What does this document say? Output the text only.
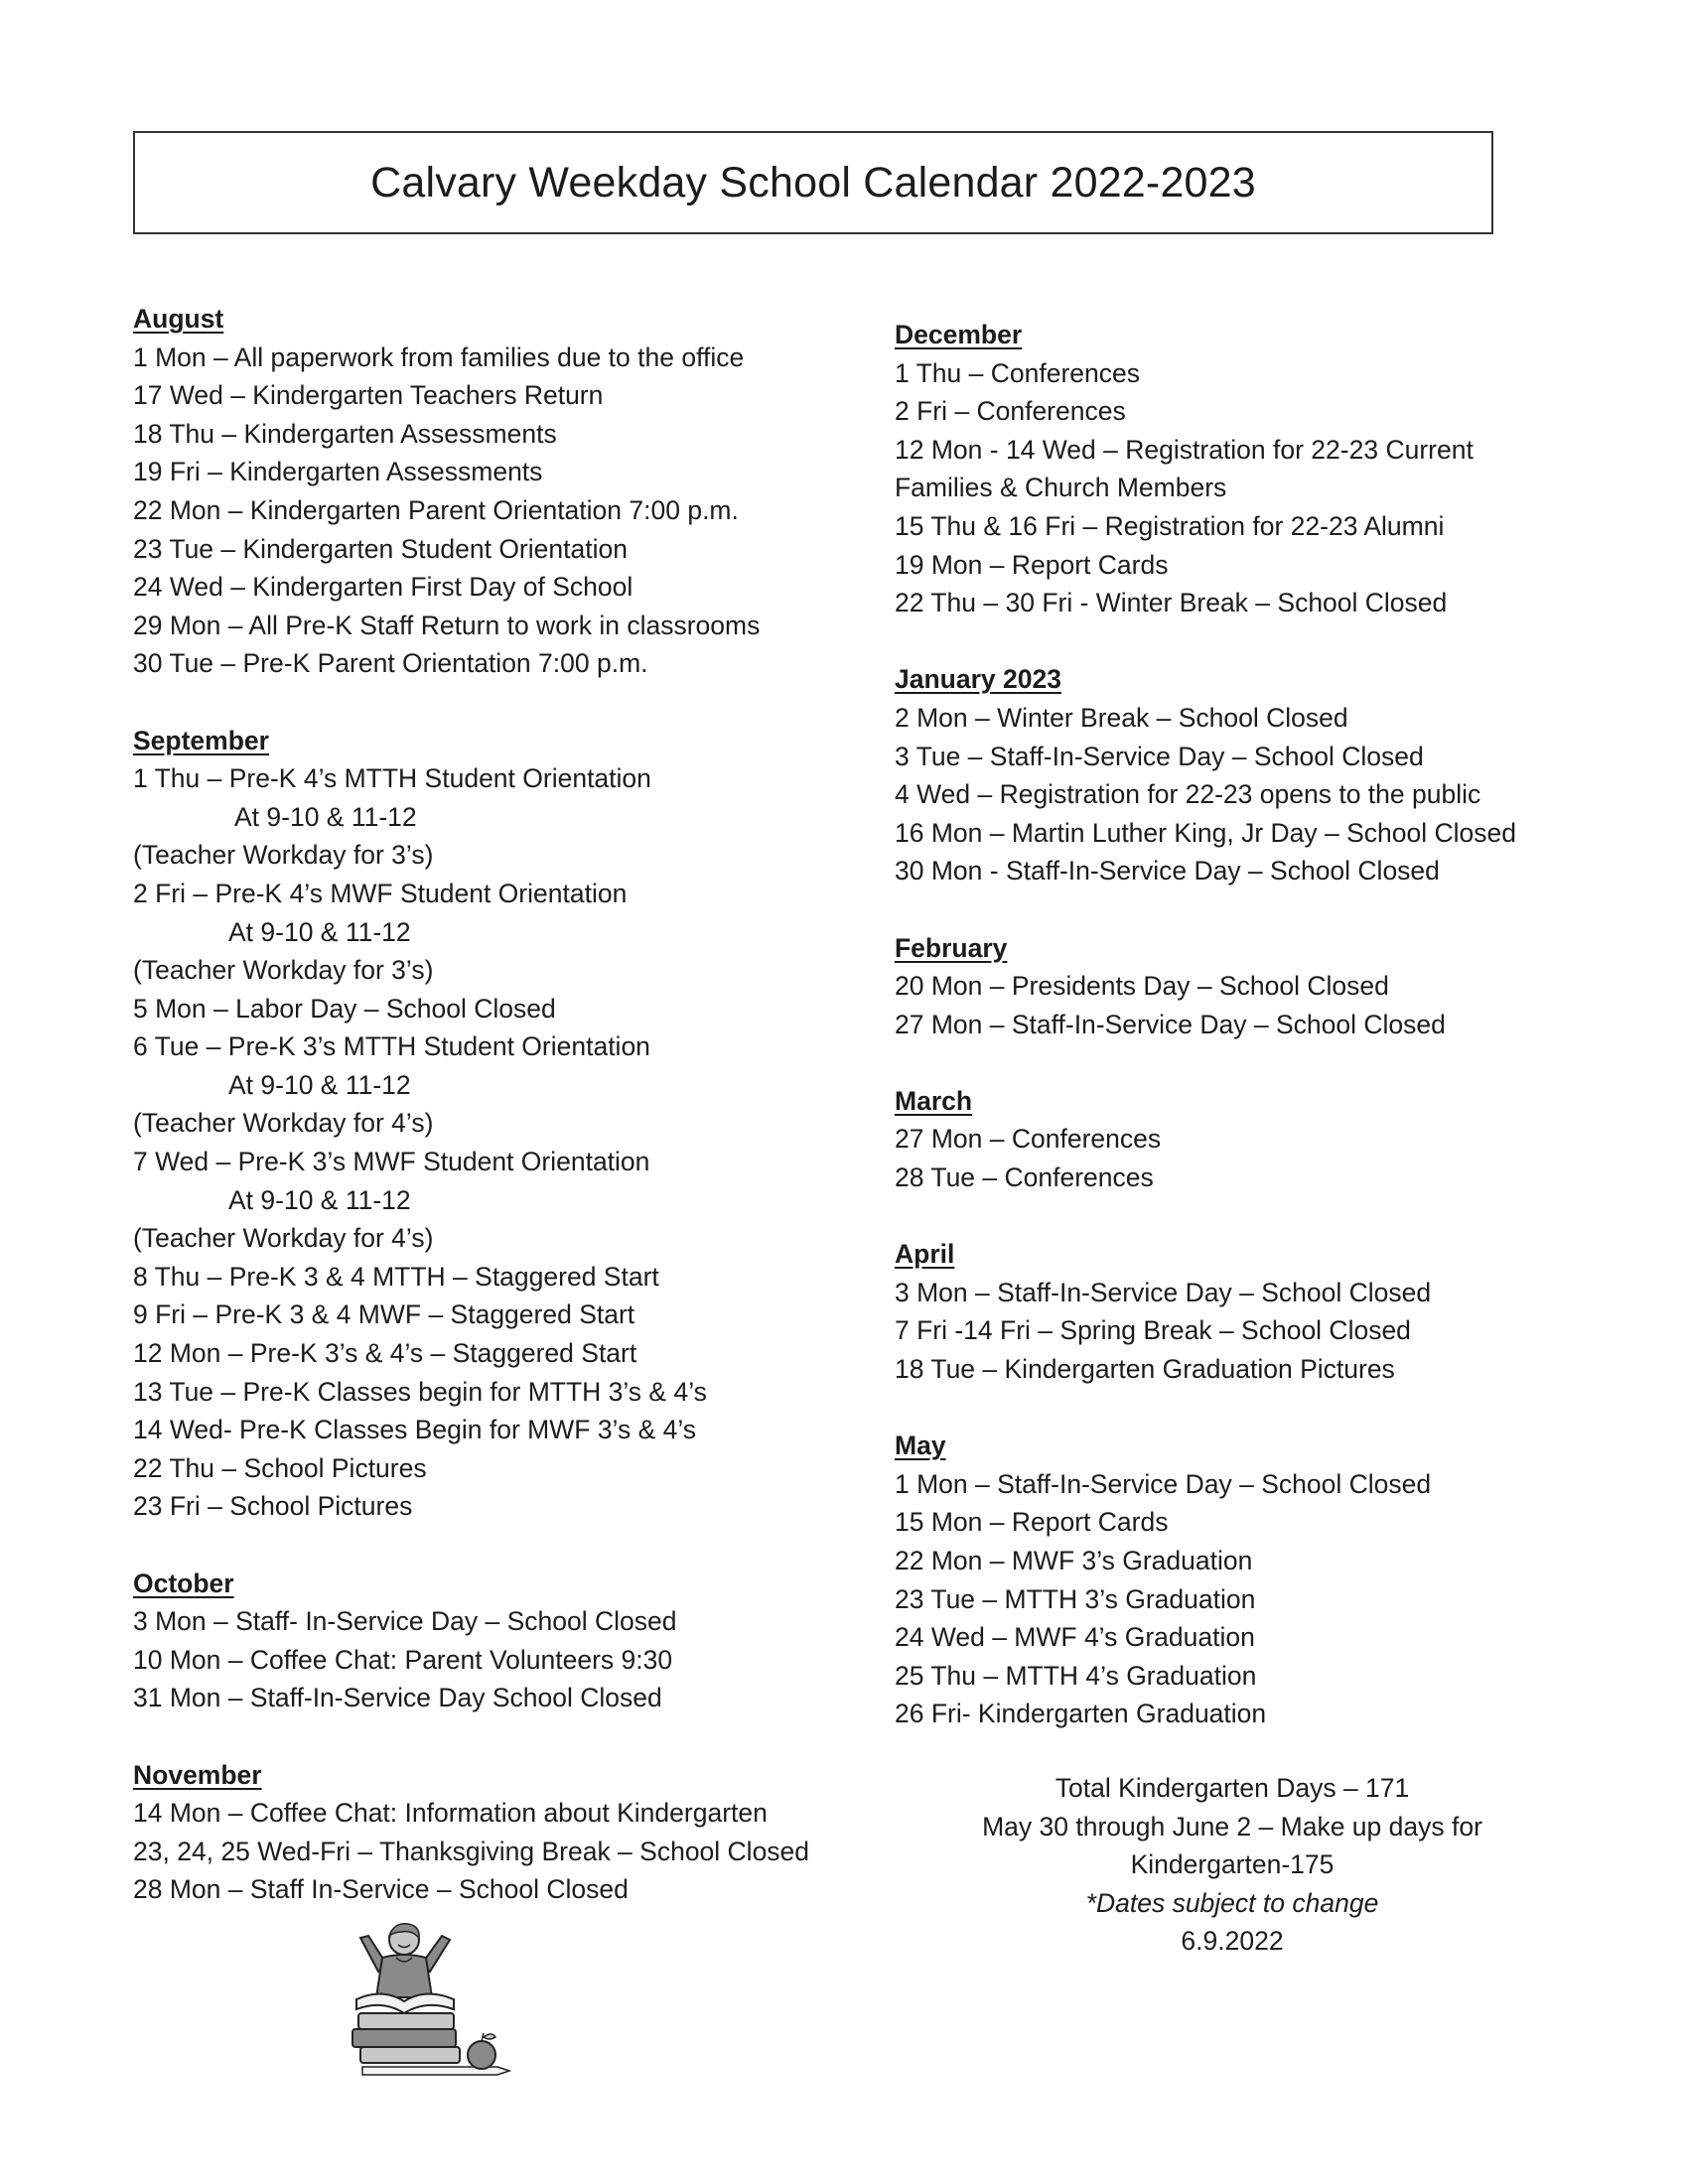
Calvary Weekday School Calendar 2022-2023
August
1 Mon – All paperwork from families due to the office
17 Wed – Kindergarten Teachers Return
18 Thu – Kindergarten Assessments
19 Fri – Kindergarten Assessments
22 Mon – Kindergarten Parent Orientation 7:00 p.m.
23 Tue – Kindergarten Student Orientation
24 Wed – Kindergarten First Day of School
29 Mon – All Pre-K Staff Return to work in classrooms
30 Tue – Pre-K Parent Orientation 7:00 p.m.
September
1 Thu – Pre-K 4’s MTTH Student Orientation
At 9-10 & 11-12
(Teacher Workday for 3’s)
2 Fri – Pre-K 4’s MWF Student Orientation
At 9-10 & 11-12
(Teacher Workday for 3’s)
5 Mon – Labor Day – School Closed
6 Tue – Pre-K 3’s MTTH Student Orientation
At 9-10 & 11-12
(Teacher Workday for 4’s)
7 Wed – Pre-K 3’s MWF Student Orientation
At 9-10 & 11-12
(Teacher Workday for 4’s)
8 Thu – Pre-K 3 & 4 MTTH – Staggered Start
9 Fri – Pre-K 3 & 4 MWF – Staggered Start
12 Mon – Pre-K 3’s & 4’s – Staggered Start
13 Tue – Pre-K Classes begin for MTTH 3’s & 4’s
14 Wed- Pre-K Classes Begin for MWF 3’s & 4’s
22 Thu – School Pictures
23 Fri – School Pictures
October
3 Mon – Staff- In-Service Day – School Closed
10 Mon – Coffee Chat: Parent Volunteers 9:30
31 Mon – Staff-In-Service Day School Closed
November
14 Mon – Coffee Chat: Information about Kindergarten
23, 24, 25 Wed-Fri – Thanksgiving Break – School Closed
28 Mon – Staff In-Service – School Closed
December
1 Thu – Conferences
2 Fri – Conferences
12 Mon - 14 Wed – Registration for 22-23 Current
Families & Church Members
15 Thu & 16 Fri – Registration for 22-23 Alumni
19 Mon – Report Cards
22 Thu – 30 Fri - Winter Break – School Closed
January 2023
2 Mon – Winter Break – School Closed
3 Tue – Staff-In-Service Day – School Closed
4 Wed – Registration for 22-23 opens to the public
16 Mon – Martin Luther King, Jr Day – School Closed
30 Mon - Staff-In-Service Day – School Closed
February
20 Mon – Presidents Day – School Closed
27 Mon – Staff-In-Service Day – School Closed
March
27 Mon – Conferences
28 Tue – Conferences
April
3 Mon – Staff-In-Service Day – School Closed
7 Fri -14 Fri – Spring Break – School Closed
18 Tue – Kindergarten Graduation Pictures
May
1 Mon – Staff-In-Service Day – School Closed
15 Mon – Report Cards
22 Mon – MWF 3’s Graduation
23 Tue – MTTH 3’s Graduation
24 Wed – MWF 4’s Graduation
25 Thu – MTTH 4’s Graduation
26 Fri- Kindergarten Graduation
Total Kindergarten Days – 171
May 30 through June 2 – Make up days for
Kindergarten-175
*Dates subject to change
6.9.2022
